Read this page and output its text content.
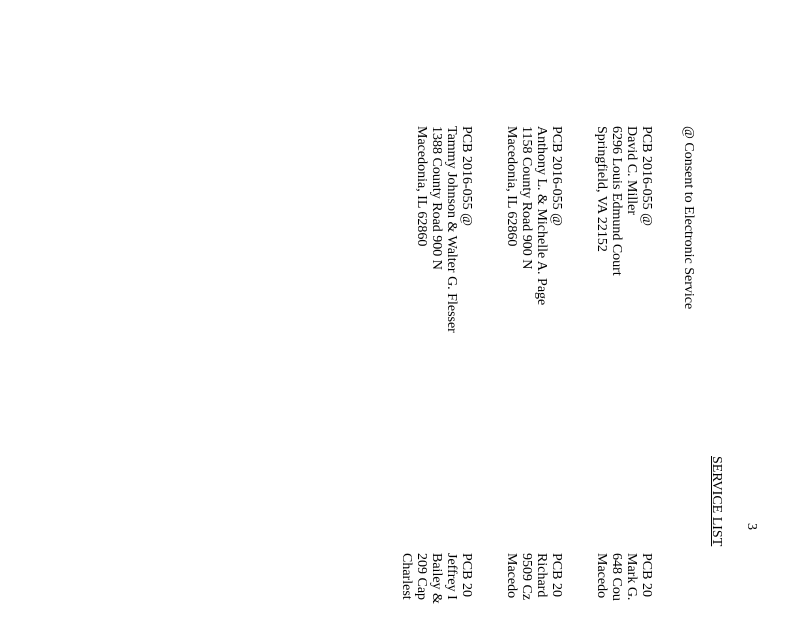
3
SERVICE LIST
@ Consent to Electronic Service
PCB 2016-055 @
David C. Miller
6296 Louis Edmund Court
Springfield, VA 22152
PCB 2016-055 @
Anthony L. & Michelle A. Page
1158 County Road 900 N
Macedonia, IL 62860
PCB 2016-055 @
Tammy Johnson & Walter G. Flesser
1388 County Road 900 N
Macedonia, IL 62860
PCB 20
Mark G.
648 Cou
Macedo
PCB 20
Richard
9509 Cz
Macedo
PCB 20
Jeffrey I
Bailey &
209 Cap
Charlest
